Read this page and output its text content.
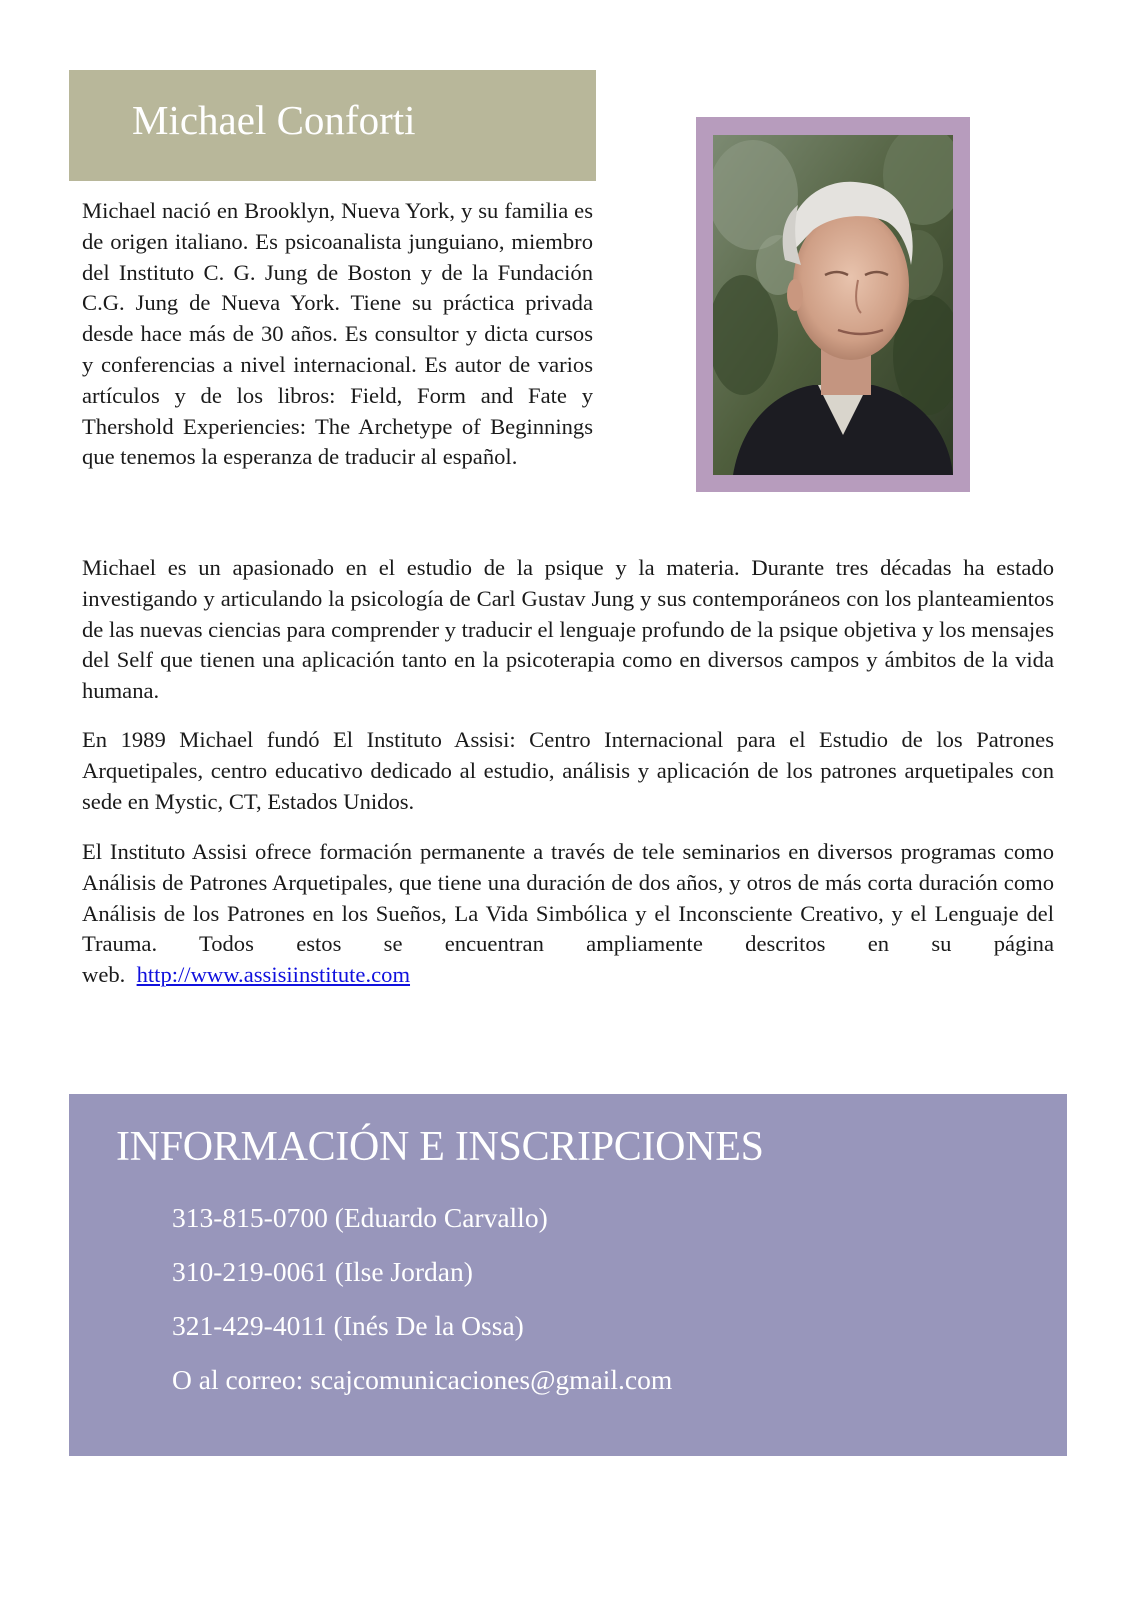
Michael Conforti

Michael nació en Brooklyn, Nueva York, y su familia es de origen italiano. Es psicoanalista junguiano, miembro del Instituto C. G. Jung de Boston y de la Fundación C.G. Jung de Nueva York. Tiene su práctica privada desde hace más de 30 años. Es consultor y dicta cursos y conferencias a nivel internacional. Es autor de varios artículos y de los libros: Field, Form and Fate y Thershold Experiencies: The Archetype of Beginnings que tenemos la esperanza de traducir al español.

Michael es un apasionado en el estudio de la psique y la materia. Durante tres décadas ha estado investigando y articulando la psicología de Carl Gustav Jung y sus contemporáneos con los planteamientos de las nuevas ciencias para comprender y traducir el lenguaje profundo de la psique objetiva y los mensajes del Self que tienen una aplicación tanto en la psicoterapia como en diversos campos y ámbitos de la vida humana.

En 1989 Michael fundó El Instituto Assisi: Centro Internacional para el Estudio de los Patrones Arquetipales, centro educativo dedicado al estudio, análisis y aplicación de los patrones arquetipales con sede en Mystic, CT, Estados Unidos.

El Instituto Assisi ofrece formación permanente a través de tele seminarios en diversos programas como Análisis de Patrones Arquetipales, que tiene una duración de dos años, y otros de más corta duración como Análisis de los Patrones en los Sueños, La Vida Simbólica y el Inconsciente Creativo, y el Lenguaje del Trauma. Todos estos se encuentran ampliamente descritos en su página web. http://www.assisiinstitute.com

INFORMACIÓN E INSCRIPCIONES
313-815-0700 (Eduardo Carvallo)
310-219-0061 (Ilse Jordan)
321-429-4011 (Inés De la Ossa)
O al correo: scajcomunicaciones@gmail.com
